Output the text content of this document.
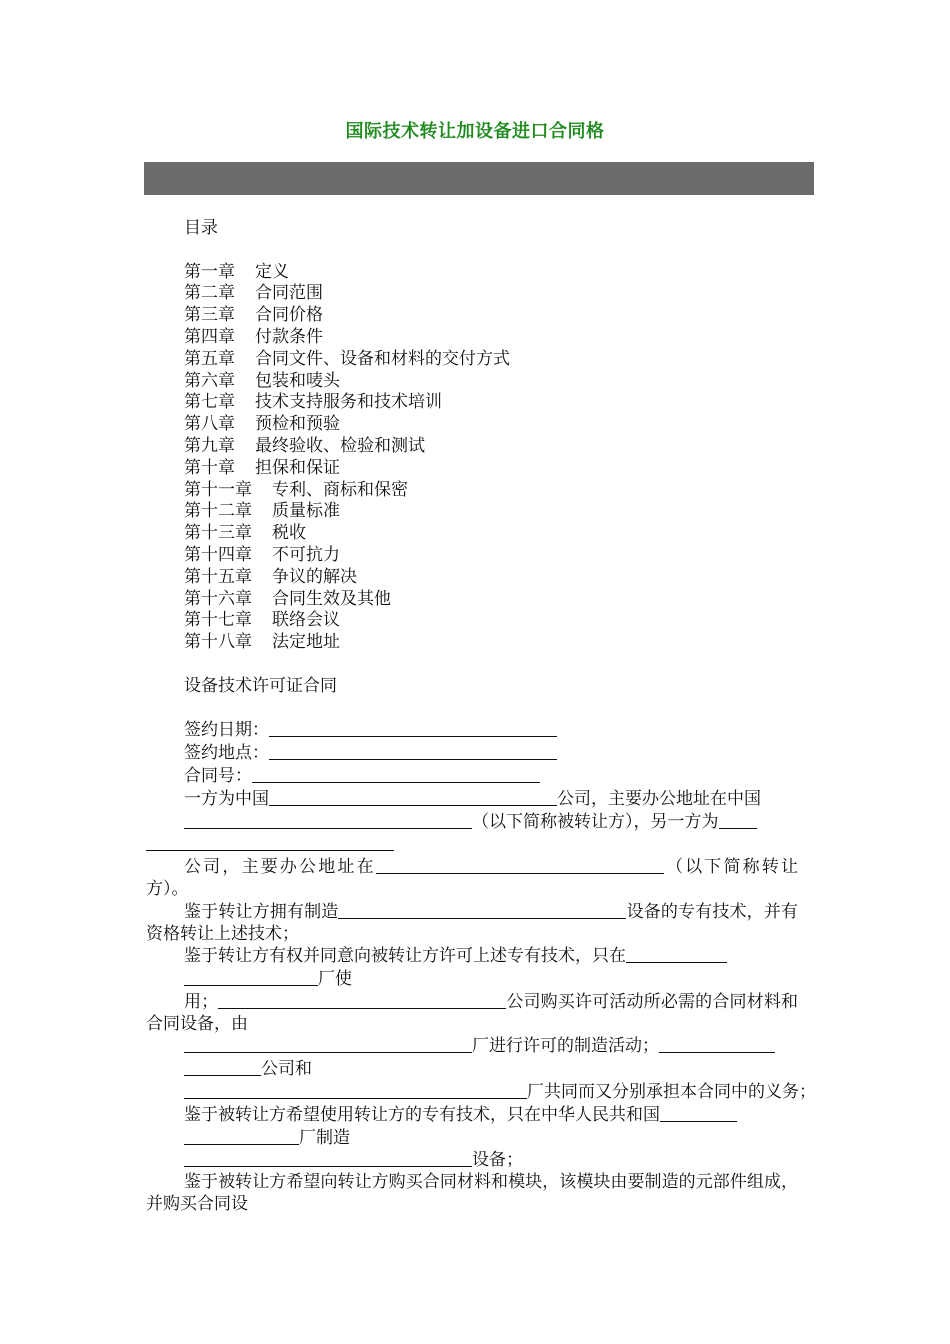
国际技术转让加设备进口合同格
目录
第一章 定义
第二章 合同范围
第三章 合同价格
第四章 付款条件
第五章 合同文件、设备和材料的交付方式
第六章 包装和唛头
第七章 技术支持服务和技术培训
第八章 预检和预验
第九章 最终验收、检验和测试
第十章 担保和保证
第十一章 专利、商标和保密
第十二章 质量标准
第十三章 税收
第十四章 不可抗力
第十五章 争议的解决
第十六章 合同生效及其他
第十七章 联络会议
第十八章 法定地址
设备技术许可证合同
签约日期：
签约地点：
合同号：
一方为中国	公司，主要办公地址在中国
（以下简称被转让方），另一方为
公司，主要办公地址在	（以下简称转让方）。
鉴于转让方拥有制造	设备的专有技术，并有资格转让上述技术；
鉴于转让方有权并同意向被转让方许可上述专有技术，只在
厂使
用；	公司购买许可活动所必需的合同材料和合同设备，由
厂进行许可的制造活动；
公司和
厂共同而又分别承担本合同中的义务；
鉴于被转让方希望使用转让方的专有技术，只在中华人民共和国
厂制造
设备；
鉴于被转让方希望向转让方购买合同材料和模块，该模块由要制造的元部件组成，并购买合同设
